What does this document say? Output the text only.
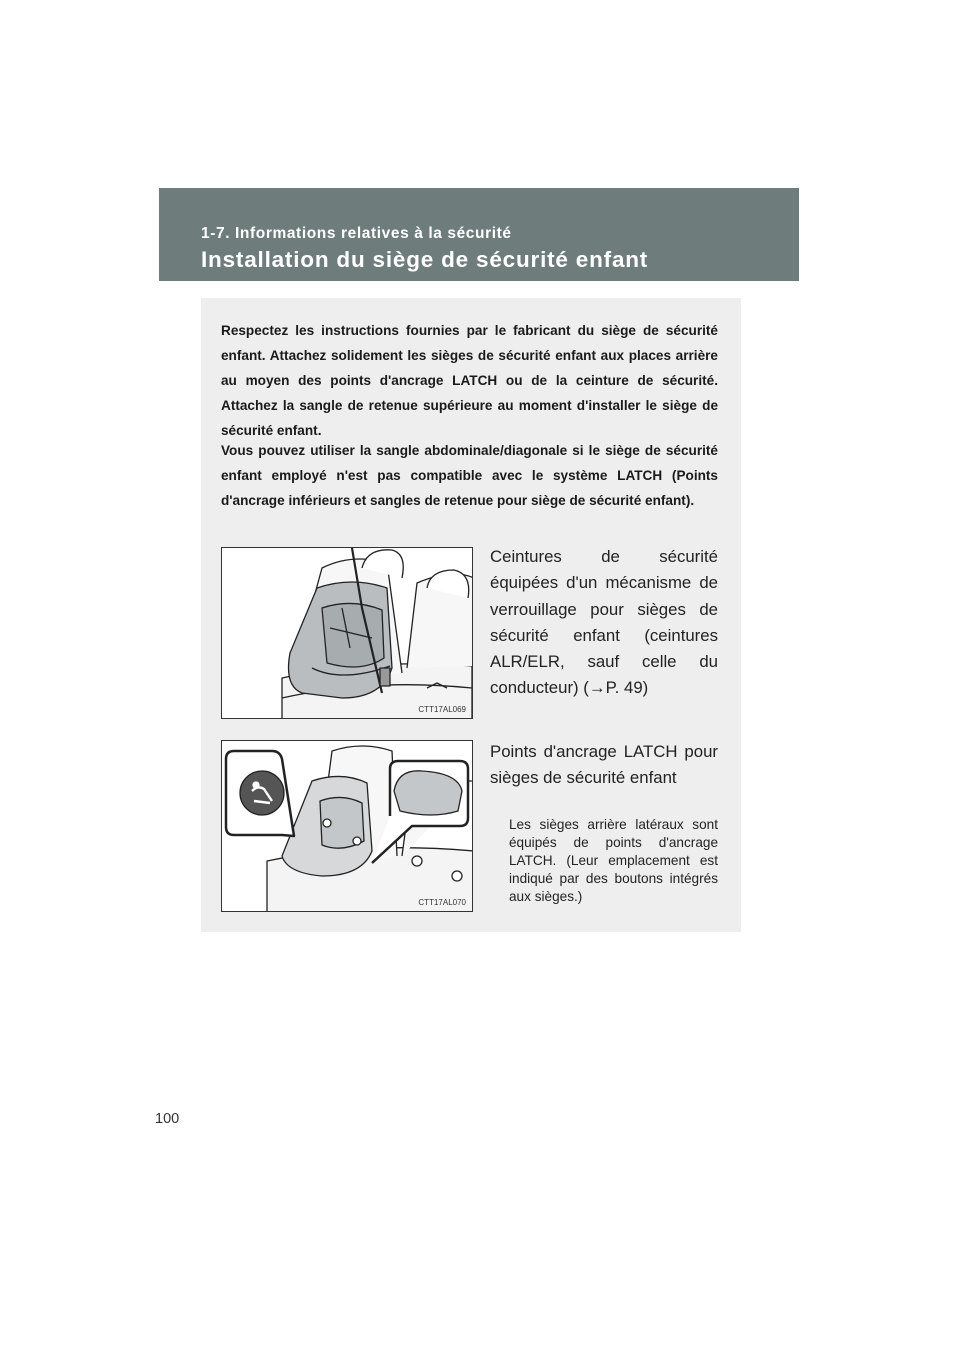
1-7. Informations relatives à la sécurité
Installation du siège de sécurité enfant

Respectez les instructions fournies par le fabricant du siège de sécurité enfant. Attachez solidement les sièges de sécurité enfant aux places arrière au moyen des points d'ancrage LATCH ou de la ceinture de sécurité. Attachez la sangle de retenue supérieure au moment d'installer le siège de sécurité enfant.

Vous pouvez utiliser la sangle abdominale/diagonale si le siège de sécurité enfant employé n'est pas compatible avec le système LATCH (Points d'ancrage inférieurs et sangles de retenue pour siège de sécurité enfant).

CTT17AL069

Ceintures de sécurité équipées d'un mécanisme de verrouillage pour sièges de sécurité enfant (ceintures ALR/ELR, sauf celle du conducteur) (→P. 49)

CTT17AL070

Points d'ancrage LATCH pour sièges de sécurité enfant

Les sièges arrière latéraux sont équipés de points d'ancrage LATCH. (Leur emplacement est indiqué par des boutons intégrés aux sièges.)

100
